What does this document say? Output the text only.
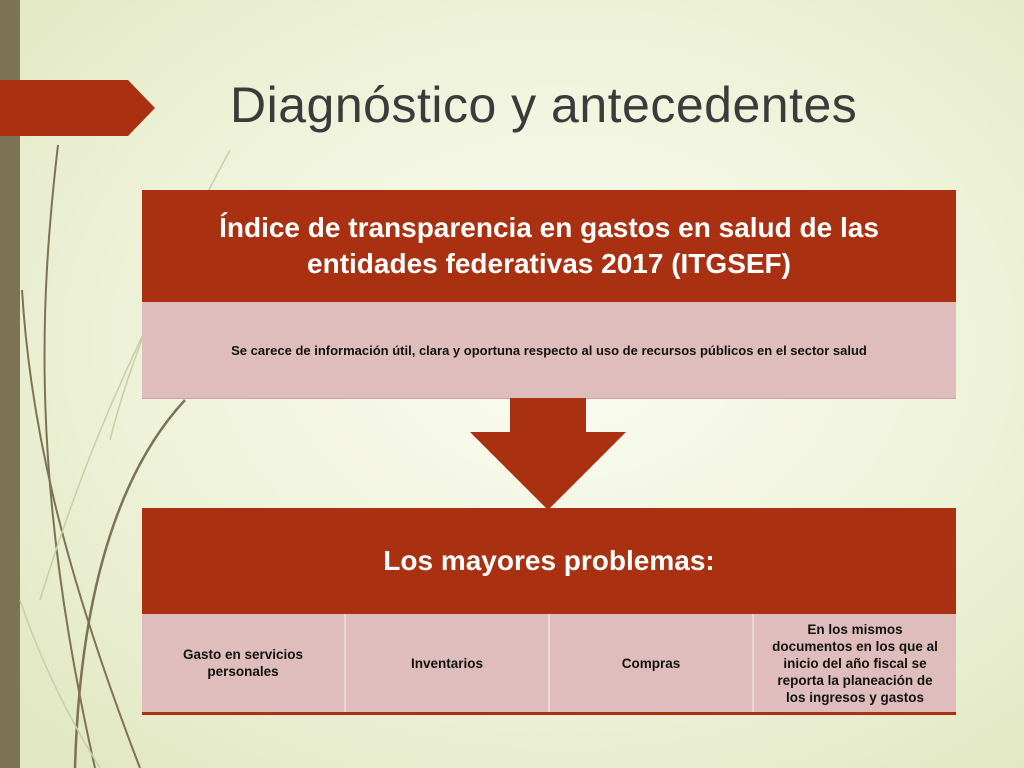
Diagnóstico y antecedentes
Índice de transparencia en gastos en salud de las entidades federativas 2017 (ITGSEF)
Se carece de información útil, clara y oportuna respecto al uso de recursos públicos en el sector salud
Los mayores problemas:
Gasto en servicios personales
Inventarios	Compras
En los mismos documentos en los que al inicio del año fiscal se reporta la planeación de los ingresos y gastos
